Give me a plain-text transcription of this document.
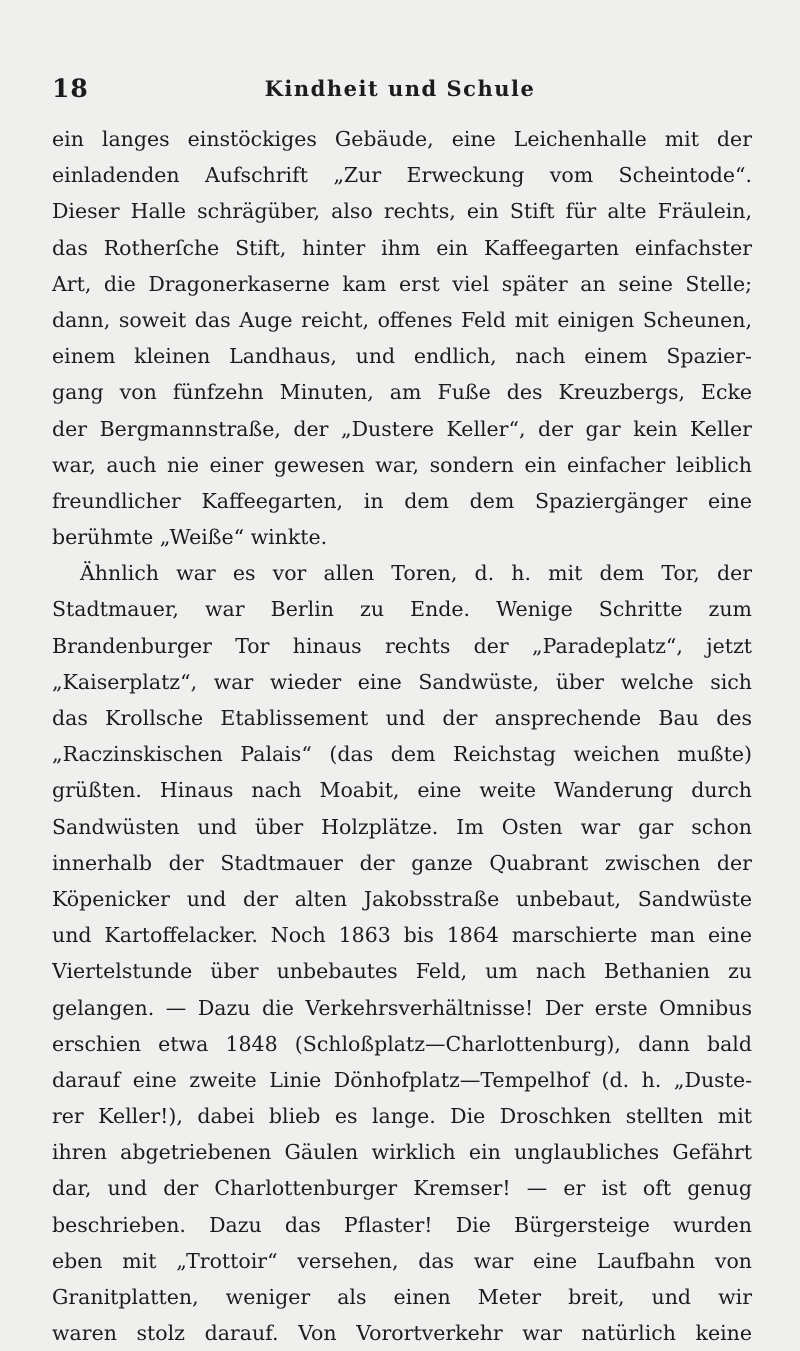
18	Kindheit und Schule
ein langes einstöckiges Gebäude, eine Leichenhalle mit der
einladenden Aufschrift „Zur Erweckung vom Scheintode“.
Dieser Halle schrägüber, also rechts, ein Stift für alte Fräulein,
das Rotherſche Stift, hinter ihm ein Kaffeegarten einfachster
Art, die Dragonerkaserne kam erst viel später an seine Stelle;
dann, soweit das Auge reicht, offenes Feld mit einigen Scheunen,
einem kleinen Landhaus, und endlich, nach einem Spazier-
gang von fünfzehn Minuten, am Fuße des Kreuzbergs, Ecke
der Bergmannstraße, der „Dustere Keller“, der gar kein Keller
war, auch nie einer gewesen war, sondern ein einfacher leiblich
freundlicher Kaffeegarten, in dem dem Spaziergänger eine
berühmte „Weiße“ winkte.
Ähnlich war es vor allen Toren, d. h. mit dem Tor, der
Stadtmauer, war Berlin zu Ende. Wenige Schritte zum
Brandenburger Tor hinaus rechts der „Paradeplatz“, jetzt
„Kaiserplatz“, war wieder eine Sandwüste, über welche sich
das Krollsche Etablissement und der ansprechende Bau des
„Raczinskischen Palais“ (das dem Reichstag weichen mußte)
grüßten. Hinaus nach Moabit, eine weite Wanderung durch
Sandwüsten und über Holzplätze. Im Osten war gar schon
innerhalb der Stadtmauer der ganze Quabrant zwischen der
Köpenicker und der alten Jakobsstraße unbebaut, Sandwüste
und Kartoffelacker. Noch 1863 bis 1864 marschierte man eine
Viertelstunde über unbebautes Feld, um nach Bethanien zu
gelangen. — Dazu die Verkehrsverhältnisse! Der erste Omnibus
erschien etwa 1848 (Schloßplatz—Charlottenburg), dann bald
darauf eine zweite Linie Dönhofplatz—Tempelhof (d. h. „Duste-
rer Keller!), dabei blieb es lange. Die Droschken stellten mit
ihren abgetriebenen Gäulen wirklich ein unglaubliches Gefährt
dar, und der Charlottenburger Kremser! — er ist oft genug
beschrieben. Dazu das Pflaster! Die Bürgersteige wurden
eben mit „Trottoir“ versehen, das war eine Laufbahn von
Granitplatten, weniger als einen Meter breit, und wir
waren stolz darauf. Von Vorortverkehr war natürlich keine
